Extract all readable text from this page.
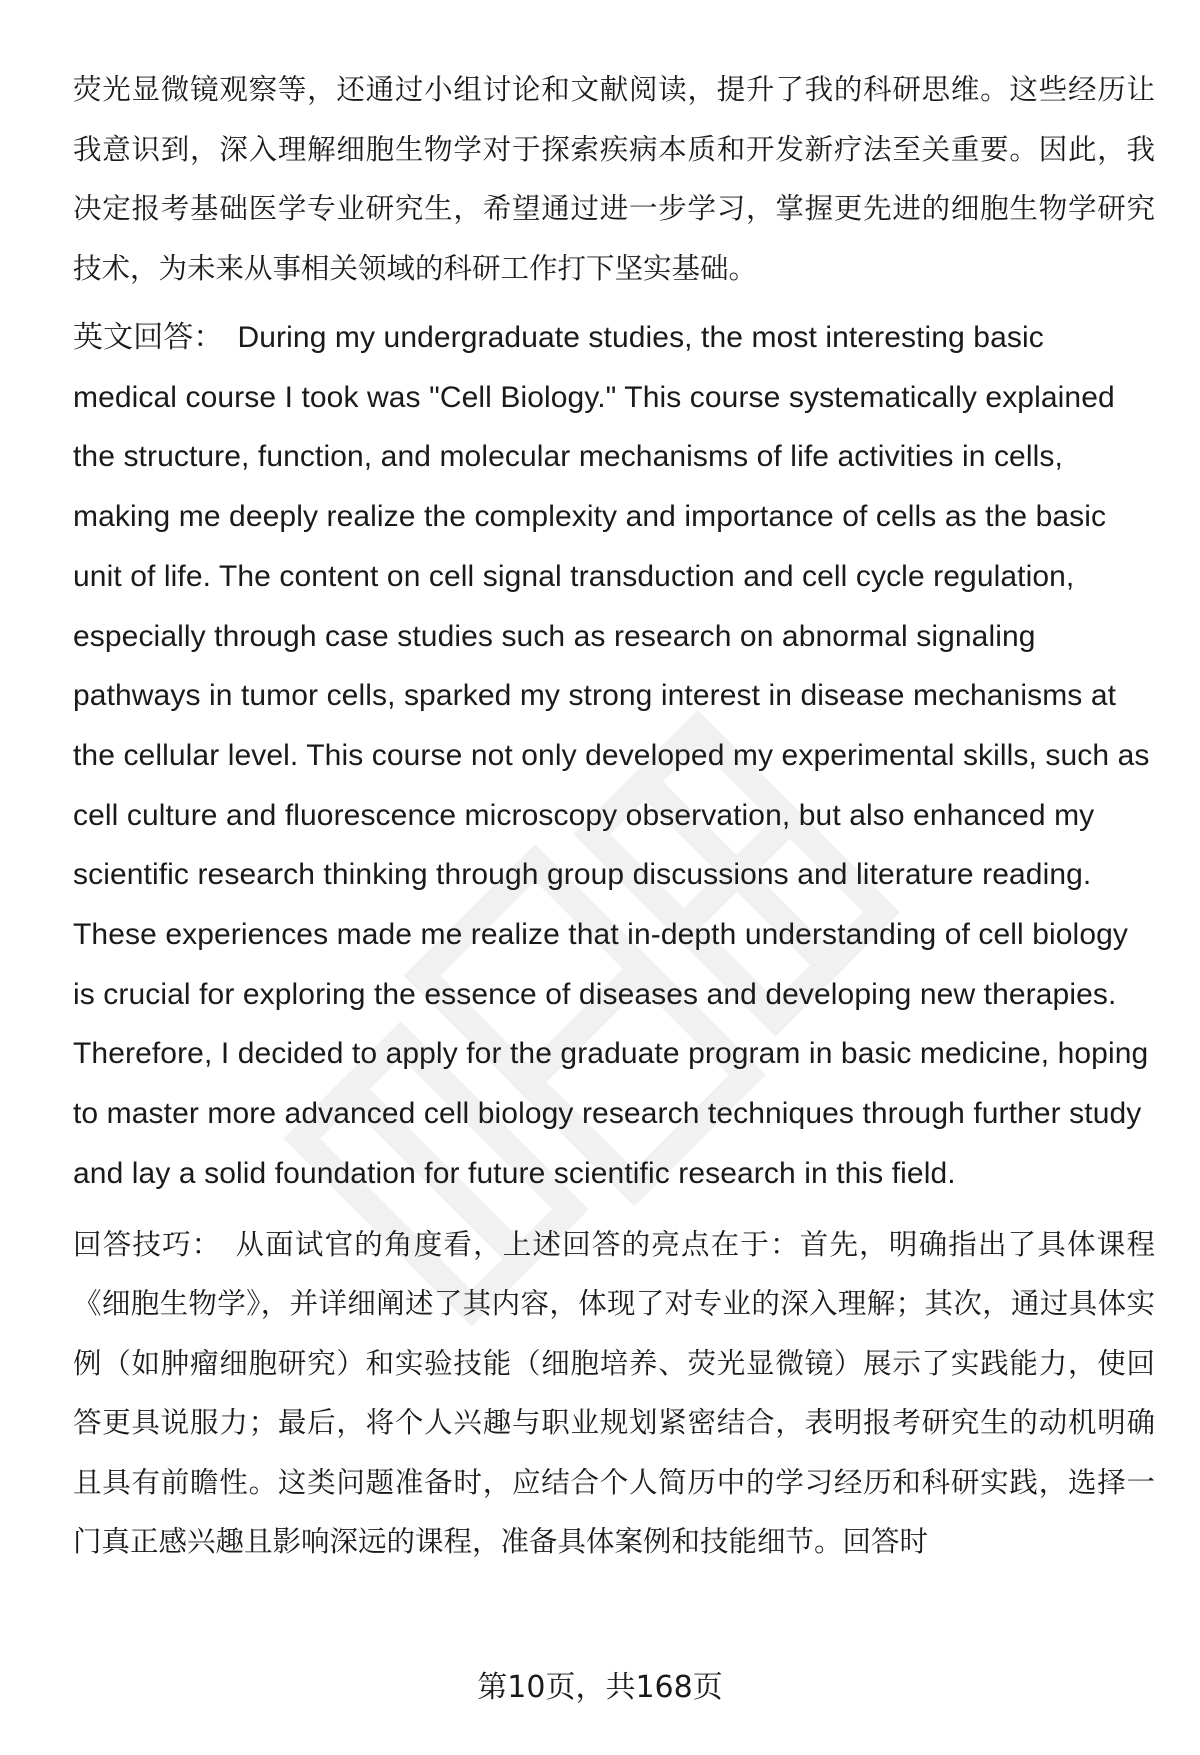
荧光显微镜观察等，还通过小组讨论和文献阅读，提升了我的科研思维。这些经历让我意识到，深入理解细胞生物学对于探索疾病本质和开发新疗法至关重要。因此，我决定报考基础医学专业研究生，希望通过进一步学习，掌握更先进的细胞生物学研究技术，为未来从事相关领域的科研工作打下坚实基础。

英文回答： During my undergraduate studies, the most interesting basic medical course I took was "Cell Biology." This course systematically explained the structure, function, and molecular mechanisms of life activities in cells, making me deeply realize the complexity and importance of cells as the basic unit of life. The content on cell signal transduction and cell cycle regulation, especially through case studies such as research on abnormal signaling pathways in tumor cells, sparked my strong interest in disease mechanisms at the cellular level. This course not only developed my experimental skills, such as cell culture and fluorescence microscopy observation, but also enhanced my scientific research thinking through group discussions and literature reading. These experiences made me realize that in-depth understanding of cell biology is crucial for exploring the essence of diseases and developing new therapies. Therefore, I decided to apply for the graduate program in basic medicine, hoping to master more advanced cell biology research techniques through further study and lay a solid foundation for future scientific research in this field.

回答技巧： 从面试官的角度看，上述回答的亮点在于：首先，明确指出了具体课程《细胞生物学》，并详细阐述了其内容，体现了对专业的深入理解；其次，通过具体实例（如肿瘤细胞研究）和实验技能（细胞培养、荧光显微镜）展示了实践能力，使回答更具说服力；最后，将个人兴趣与职业规划紧密结合，表明报考研究生的动机明确且具有前瞻性。这类问题准备时，应结合个人简历中的学习经历和科研实践，选择一门真正感兴趣且影响深远的课程，准备具体案例和技能细节。回答时

第10页，共168页
